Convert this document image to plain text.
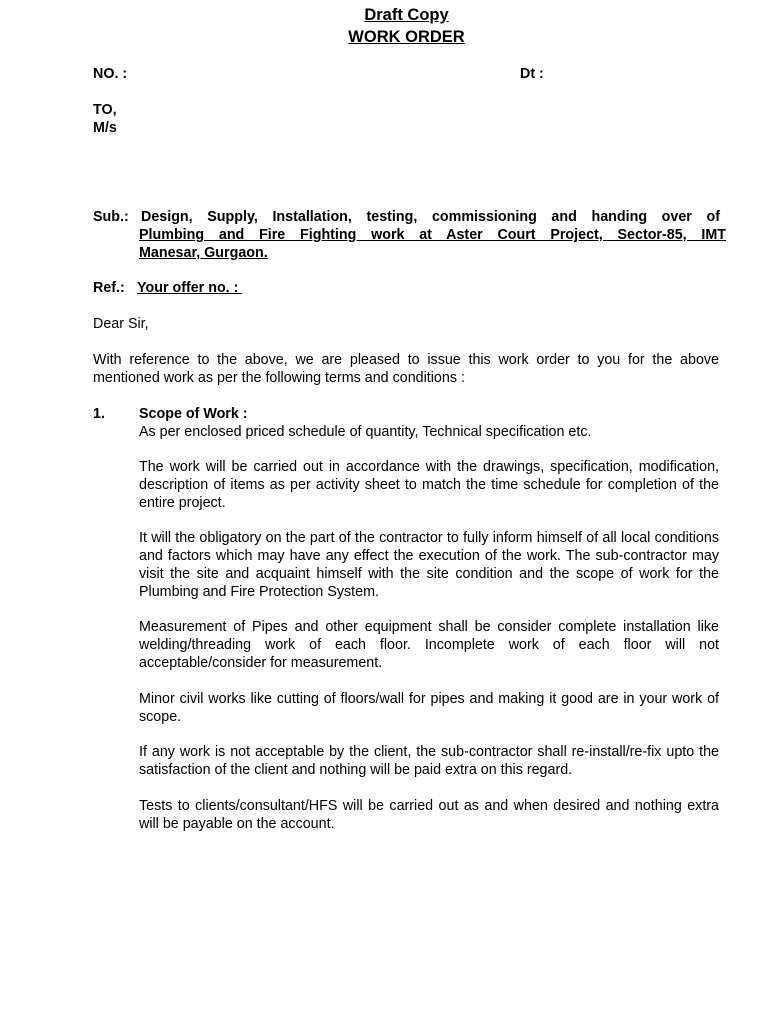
Draft Copy
WORK ORDER
NO. :	Dt :
TO,
M/s
Sub.: Design, Supply, Installation, testing, commissioning and handing over of
Plumbing and Fire Fighting work at Aster Court Project, Sector-85, IMT
Manesar, Gurgaon.
Ref.: Your offer no. :
Dear Sir,
With reference to the above, we are pleased to issue this work order to you for the above mentioned work as per the following terms and conditions :
1. Scope of Work :
As per enclosed priced schedule of quantity, Technical specification etc.
The work will be carried out in accordance with the drawings, specification, modification, description of items as per activity sheet to match the time schedule for completion of the entire project.
It will the obligatory on the part of the contractor to fully inform himself of all local conditions and factors which may have any effect the execution of the work. The sub-contractor may visit the site and acquaint himself with the site condition and the scope of work for the Plumbing and Fire Protection System.
Measurement of Pipes and other equipment shall be consider complete installation like welding/threading work of each floor. Incomplete work of each floor will not acceptable/consider for measurement.
Minor civil works like cutting of floors/wall for pipes and making it good are in your work of scope.
If any work is not acceptable by the client, the sub-contractor shall re-install/re-fix upto the satisfaction of the client and nothing will be paid extra on this regard.
Tests to clients/consultant/HFS will be carried out as and when desired and nothing extra will be payable on the account.
